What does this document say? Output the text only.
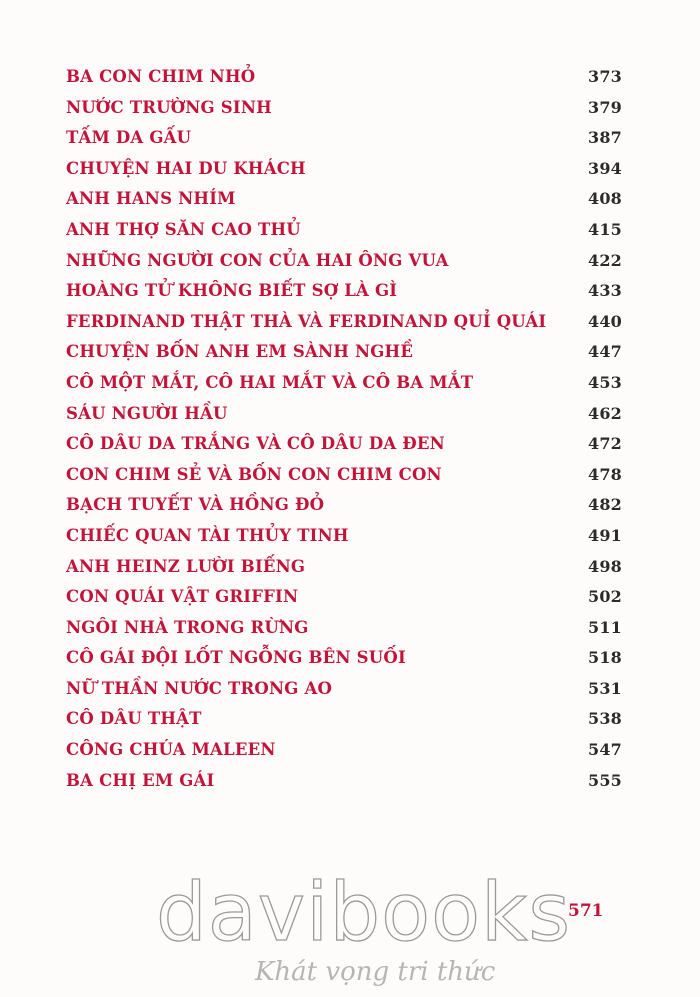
BA CON CHIM NHỎ	373
NƯỚC TRƯỜNG SINH	379
TẤM DA GẤU	387
CHUYỆN HAI DU KHÁCH	394
ANH HANS NHÍM	408
ANH THỢ SĂN CAO THỦ	415
NHỮNG NGƯỜI CON CỦA HAI ÔNG VUA	422
HOÀNG TỬ KHÔNG BIẾT SỢ LÀ GÌ	433
FERDINAND THẬT THÀ VÀ FERDINAND QUỈ QUÁI	440
CHUYỆN BỐN ANH EM SÀNH NGHỀ	447
CÔ MỘT MẮT, CÔ HAI MẮT VÀ CÔ BA MẮT	453
SÁU NGƯỜI HẦU	462
CÔ DÂU DA TRẮNG VÀ CÔ DÂU DA ĐEN	472
CON CHIM SẺ VÀ BỐN CON CHIM CON	478
BẠCH TUYẾT VÀ HỒNG ĐỎ	482
CHIẾC QUAN TÀI THỦY TINH	491
ANH HEINZ LƯỜI BIẾNG	498
CON QUÁI VẬT GRIFFIN	502
NGÔI NHÀ TRONG RỪNG	511
CÔ GÁI ĐỘI LỐT NGỖNG BÊN SUỐI	518
NỮ THẦN NƯỚC TRONG AO	531
CÔ DÂU THẬT	538
CÔNG CHÚA MALEEN	547
BA CHỊ EM GÁI	555
571
davibooks
Khát vọng tri thức
